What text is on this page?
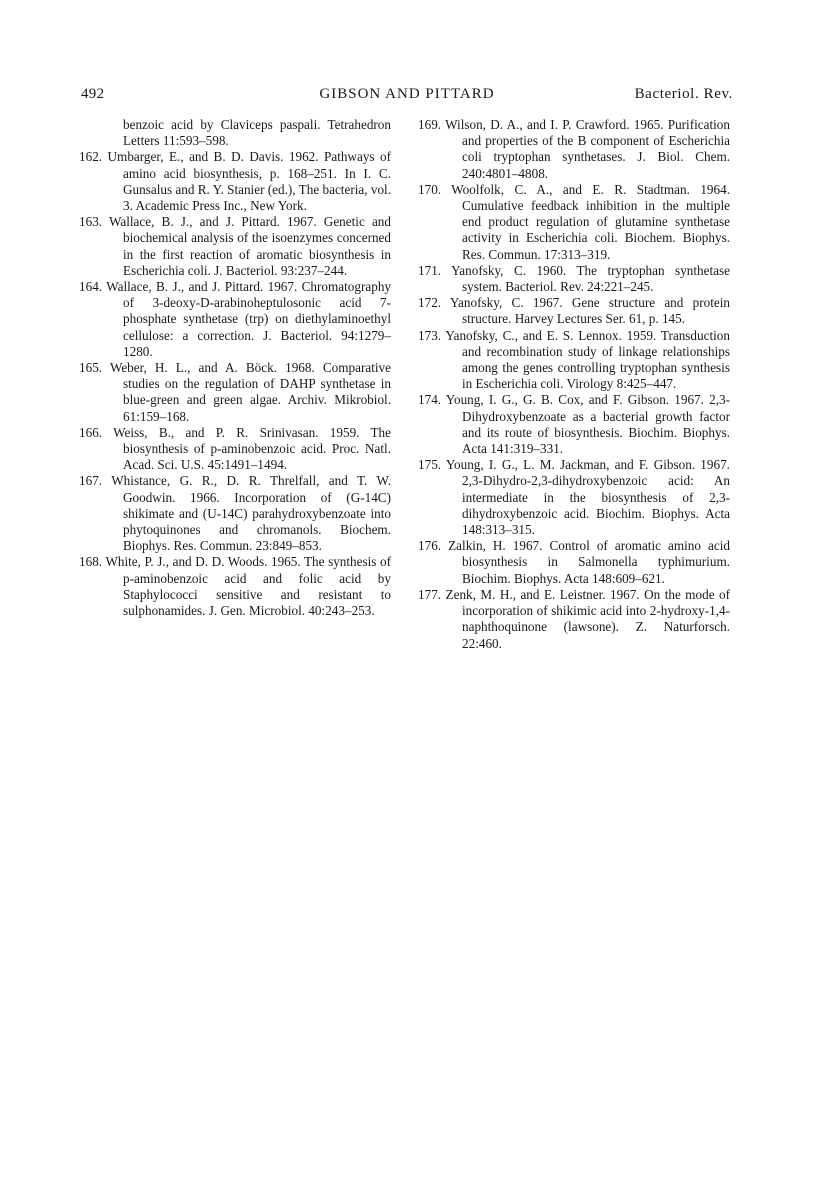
492	GIBSON AND PITTARD	Bacteriol. Rev.
benzoic acid by Claviceps paspali. Tetrahedron Letters 11:593–598.
162. Umbarger, E., and B. D. Davis. 1962. Pathways of amino acid biosynthesis, p. 168–251. In I. C. Gunsalus and R. Y. Stanier (ed.), The bacteria, vol. 3. Academic Press Inc., New York.
163. Wallace, B. J., and J. Pittard. 1967. Genetic and biochemical analysis of the isoenzymes concerned in the first reaction of aromatic biosynthesis in Escherichia coli. J. Bacteriol. 93:237–244.
164. Wallace, B. J., and J. Pittard. 1967. Chromatography of 3-deoxy-D-arabinoheptulosonic acid 7-phosphate synthetase (trp) on diethylaminoethyl cellulose: a correction. J. Bacteriol. 94:1279–1280.
165. Weber, H. L., and A. Böck. 1968. Comparative studies on the regulation of DAHP synthetase in blue-green and green algae. Archiv. Mikrobiol. 61:159–168.
166. Weiss, B., and P. R. Srinivasan. 1959. The biosynthesis of p-aminobenzoic acid. Proc. Natl. Acad. Sci. U.S. 45:1491–1494.
167. Whistance, G. R., D. R. Threlfall, and T. W. Goodwin. 1966. Incorporation of (G-14C) shikimate and (U-14C) parahydroxybenzoate into phytoquinones and chromanols. Biochem. Biophys. Res. Commun. 23:849–853.
168. White, P. J., and D. D. Woods. 1965. The synthesis of p-aminobenzoic acid and folic acid by Staphylococci sensitive and resistant to sulphonamides. J. Gen. Microbiol. 40:243–253.
169. Wilson, D. A., and I. P. Crawford. 1965. Purification and properties of the B component of Escherichia coli tryptophan synthetases. J. Biol. Chem. 240:4801–4808.
170. Woolfolk, C. A., and E. R. Stadtman. 1964. Cumulative feedback inhibition in the multiple end product regulation of glutamine synthetase activity in Escherichia coli. Biochem. Biophys. Res. Commun. 17:313–319.
171. Yanofsky, C. 1960. The tryptophan synthetase system. Bacteriol. Rev. 24:221–245.
172. Yanofsky, C. 1967. Gene structure and protein structure. Harvey Lectures Ser. 61, p. 145.
173. Yanofsky, C., and E. S. Lennox. 1959. Transduction and recombination study of linkage relationships among the genes controlling tryptophan synthesis in Escherichia coli. Virology 8:425–447.
174. Young, I. G., G. B. Cox, and F. Gibson. 1967. 2,3-Dihydroxybenzoate as a bacterial growth factor and its route of biosynthesis. Biochim. Biophys. Acta 141:319–331.
175. Young, I. G., L. M. Jackman, and F. Gibson. 1967. 2,3-Dihydro-2,3-dihydroxybenzoic acid: An intermediate in the biosynthesis of 2,3-dihydroxybenzoic acid. Biochim. Biophys. Acta 148:313–315.
176. Zalkin, H. 1967. Control of aromatic amino acid biosynthesis in Salmonella typhimurium. Biochim. Biophys. Acta 148:609–621.
177. Zenk, M. H., and E. Leistner. 1967. On the mode of incorporation of shikimic acid into 2-hydroxy-1,4-naphthoquinone (lawsone). Z. Naturforsch. 22:460.
